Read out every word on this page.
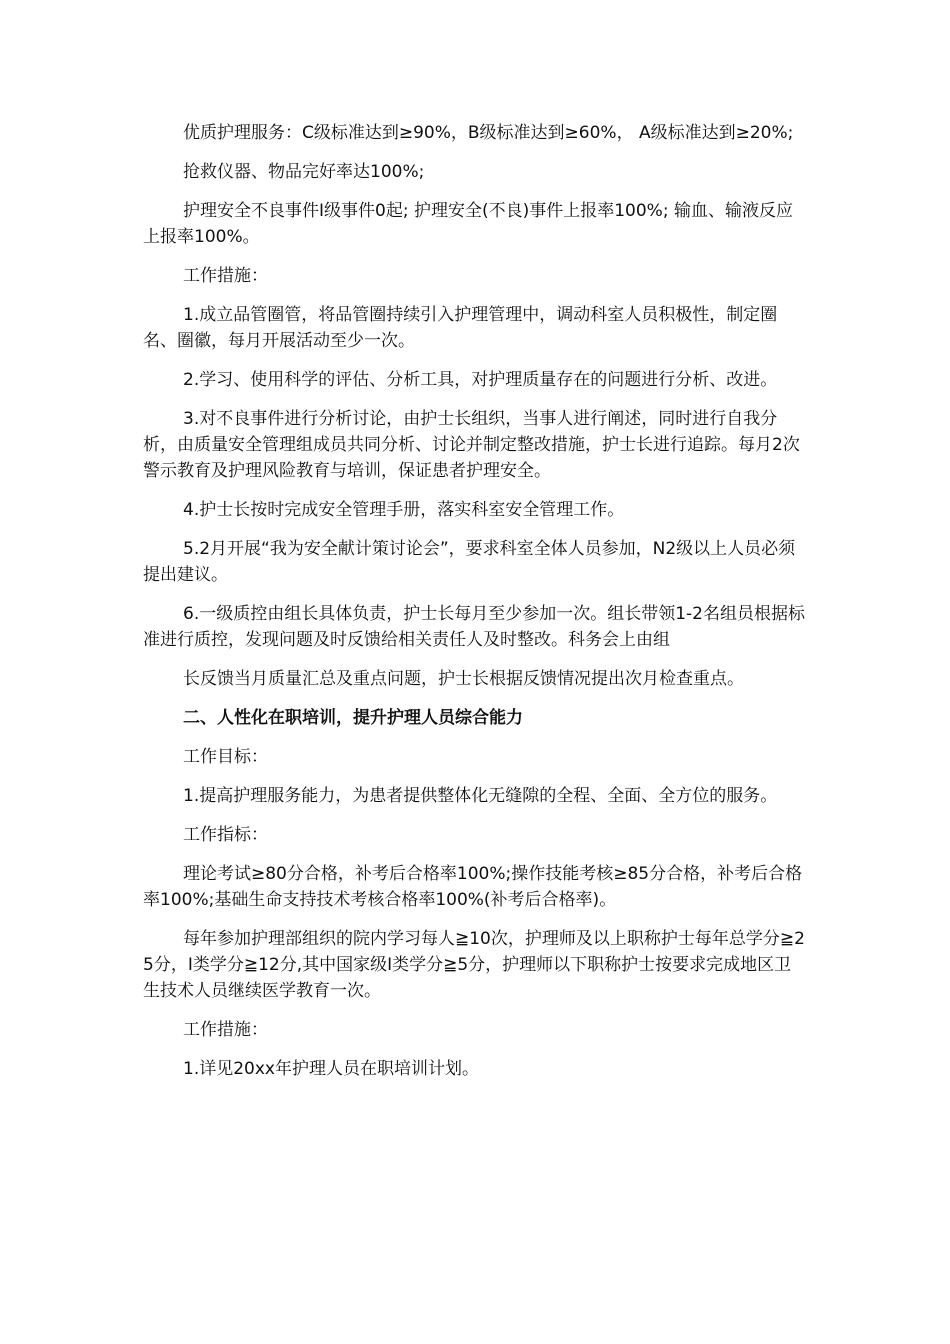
优质护理服务：C级标准达到≥90%，B级标准达到≥60%， A级标准达到≥20%;

抢救仪器、物品完好率达100%;

护理安全不良事件Ⅰ级事件0起; 护理安全(不良)事件上报率100%; 输血、输液反应上报率100%。

工作措施：

1.成立品管圈管，将品管圈持续引入护理管理中，调动科室人员积极性，制定圈名、圈徽，每月开展活动至少一次。

2.学习、使用科学的评估、分析工具，对护理质量存在的问题进行分析、改进。

3.对不良事件进行分析讨论，由护士长组织，当事人进行阐述，同时进行自我分析，由质量安全管理组成员共同分析、讨论并制定整改措施，护士长进行追踪。每月2次警示教育及护理风险教育与培训，保证患者护理安全。

4.护士长按时完成安全管理手册，落实科室安全管理工作。

5.2月开展“我为安全献计策讨论会”，要求科室全体人员参加，N2级以上人员必须提出建议。

6.一级质控由组长具体负责，护士长每月至少参加一次。组长带领1-2名组员根据标准进行质控，发现问题及时反馈给相关责任人及时整改。科务会上由组

长反馈当月质量汇总及重点问题，护士长根据反馈情况提出次月检查重点。

二、人性化在职培训，提升护理人员综合能力

工作目标：

1.提高护理服务能力，为患者提供整体化无缝隙的全程、全面、全方位的服务。

工作指标：

理论考试≥80分合格，补考后合格率100%;操作技能考核≥85分合格，补考后合格率100%;基础生命支持技术考核合格率100%(补考后合格率)。

每年参加护理部组织的院内学习每人≧10次，护理师及以上职称护士每年总学分≧25分，Ⅰ类学分≧12分,其中国家级Ⅰ类学分≧5分，护理师以下职称护士按要求完成地区卫生技术人员继续医学教育一次。

工作措施：

1.详见20xx年护理人员在职培训计划。
